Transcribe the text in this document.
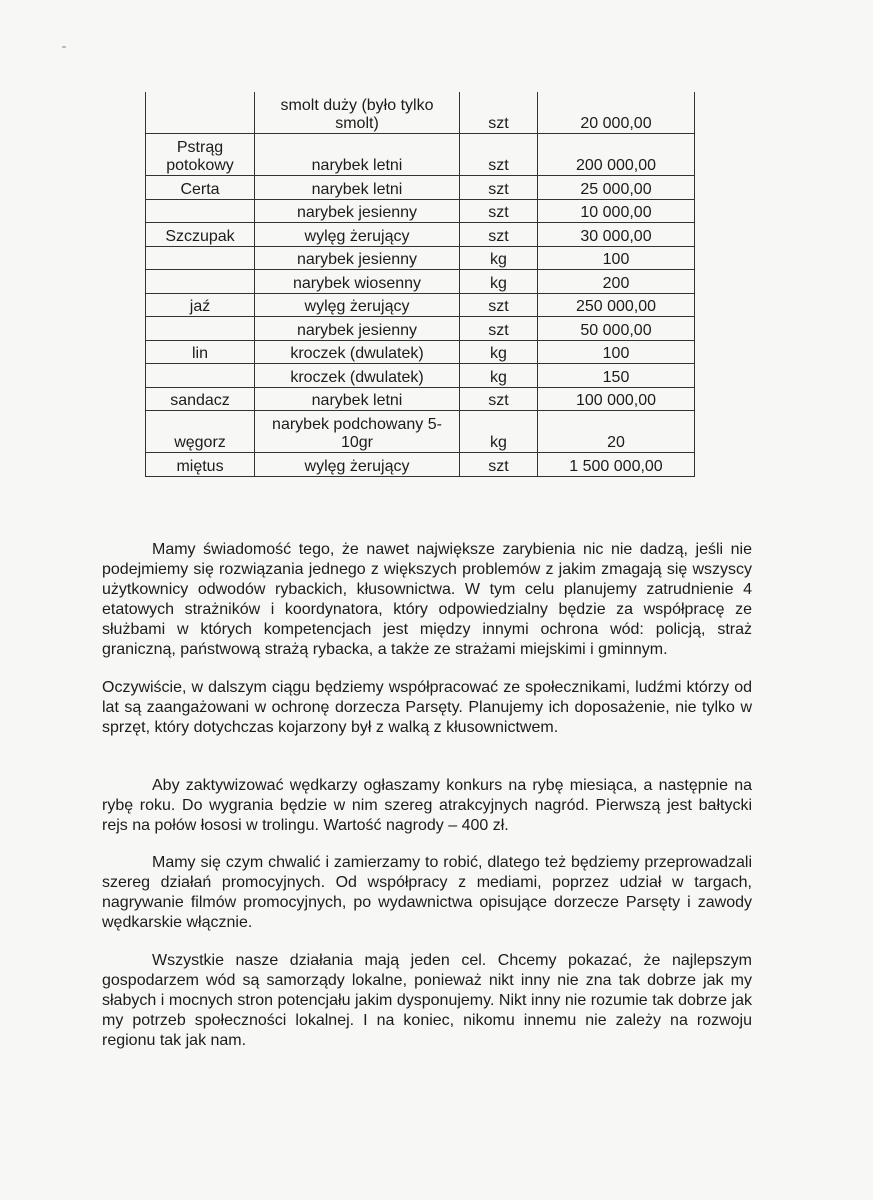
	smolt duży (było tylko smolt)	szt	20 000,00
Pstrąg potokowy	narybek letni	szt	200 000,00
Certa	narybek letni	szt	25 000,00
	narybek jesienny	szt	10 000,00
Szczupak	wylęg żerujący	szt	30 000,00
	narybek jesienny	kg	100
	narybek wiosenny	kg	200
jaź	wylęg żerujący	szt	250 000,00
	narybek jesienny	szt	50 000,00
lin	kroczek (dwulatek)	kg	100
	kroczek (dwulatek)	kg	150
sandacz	narybek letni	szt	100 000,00
węgorz	narybek podchowany 5-10gr	kg	20
miętus	wylęg żerujący	szt	1 500 000,00

Mamy świadomość tego, że nawet największe zarybienia nic nie dadzą, jeśli nie podejmiemy się rozwiązania jednego z większych problemów z jakim zmagają się wszyscy użytkownicy odwodów rybackich, kłusownictwa. W tym celu planujemy zatrudnienie 4 etatowych strażników i koordynatora, który odpowiedzialny będzie za współpracę ze służbami w których kompetencjach jest między innymi ochrona wód: policją, straż graniczną, państwową strażą rybacka, a także ze strażami miejskimi i gminnym.

Oczywiście, w dalszym ciągu będziemy współpracować ze społecznikami, ludźmi którzy od lat są zaangażowani w ochronę dorzecza Parsęty. Planujemy ich doposażenie, nie tylko w sprzęt, który dotychczas kojarzony był z walką z kłusownictwem.

Aby zaktywizować wędkarzy ogłaszamy konkurs na rybę miesiąca, a następnie na rybę roku. Do wygrania będzie w nim szereg atrakcyjnych nagród. Pierwszą jest bałtycki rejs na połów łososi w trolingu. Wartość nagrody – 400 zł.

Mamy się czym chwalić i zamierzamy to robić, dlatego też będziemy przeprowadzali szereg działań promocyjnych. Od współpracy z mediami, poprzez udział w targach, nagrywanie filmów promocyjnych, po wydawnictwa opisujące dorzecze Parsęty i zawody wędkarskie włącznie.

Wszystkie nasze działania mają jeden cel. Chcemy pokazać, że najlepszym gospodarzem wód są samorządy lokalne, ponieważ nikt inny nie zna tak dobrze jak my słabych i mocnych stron potencjału jakim dysponujemy. Nikt inny nie rozumie tak dobrze jak my potrzeb społeczności lokalnej. I na koniec, nikomu innemu nie zależy na rozwoju regionu tak jak nam.
